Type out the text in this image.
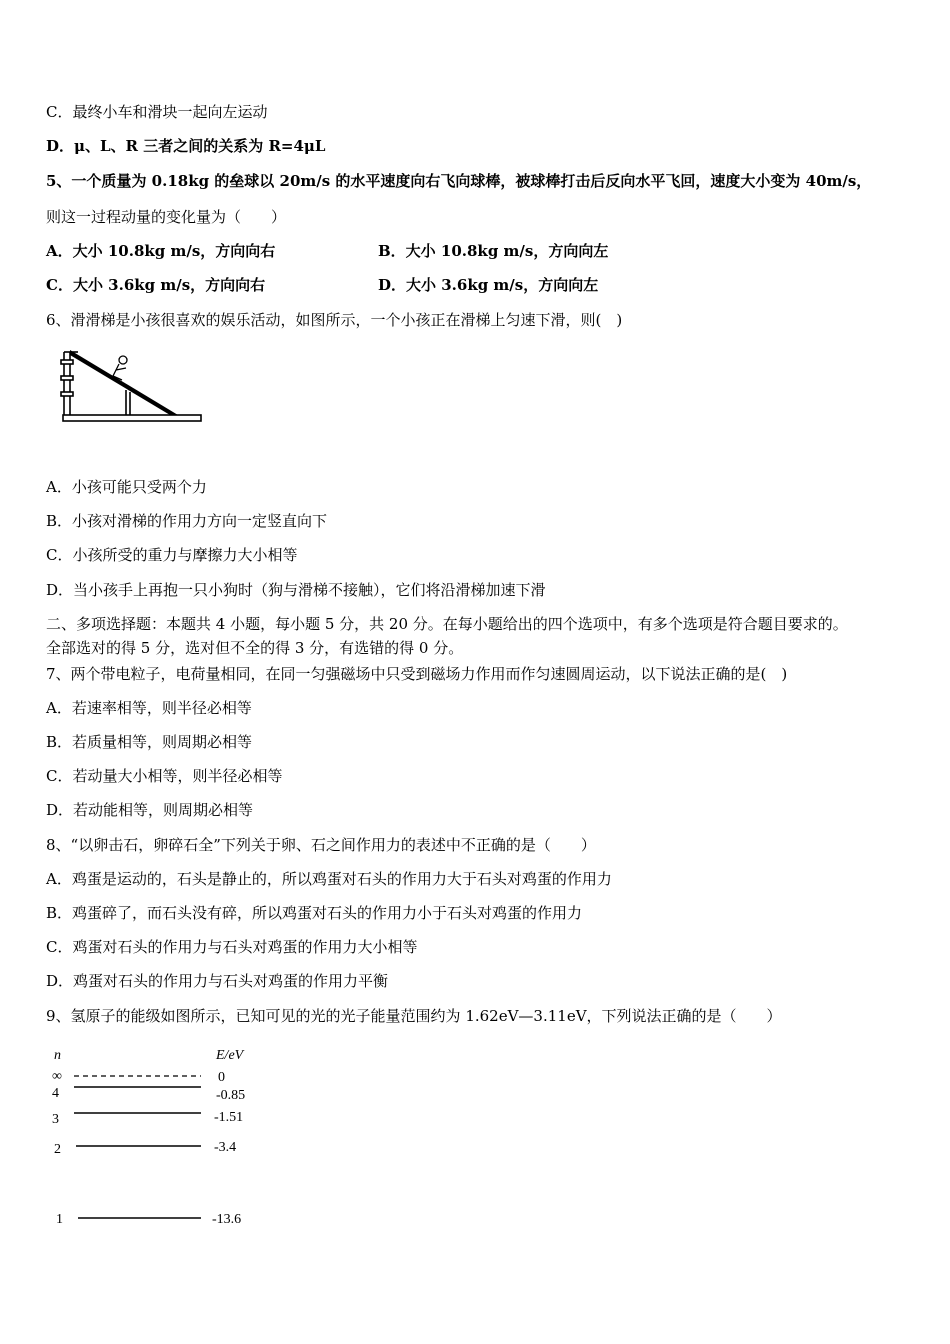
C．最终小车和滑块一起向左运动
D．μ、L、R 三者之间的关系为 R=4μL
5、一个质量为 0.18kg 的垒球以 20m/s 的水平速度向右飞向球棒，被球棒打击后反向水平飞回，速度大小变为 40m/s，
则这一过程动量的变化量为（　　）
A．大小 10.8kg m/s，方向向右	B．大小 10.8kg m/s，方向向左
C．大小 3.6kg m/s，方向向右	D．大小 3.6kg m/s，方向向左
6、滑滑梯是小孩很喜欢的娱乐活动，如图所示，一个小孩正在滑梯上匀速下滑，则(　)
A．小孩可能只受两个力
B．小孩对滑梯的作用力方向一定竖直向下
C．小孩所受的重力与摩擦力大小相等
D．当小孩手上再抱一只小狗时（狗与滑梯不接触），它们将沿滑梯加速下滑
二、多项选择题：本题共 4 小题，每小题 5 分，共 20 分。在每小题给出的四个选项中，有多个选项是符合题目要求的。
全部选对的得 5 分，选对但不全的得 3 分，有选错的得 0 分。
7、两个带电粒子，电荷量相同，在同一匀强磁场中只受到磁场力作用而作匀速圆周运动，以下说法正确的是(　)
A．若速率相等，则半径必相等
B．若质量相等，则周期必相等
C．若动量大小相等，则半径必相等
D．若动能相等，则周期必相等
8、“以卵击石，卵碎石全”下列关于卵、石之间作用力的表述中不正确的是（　　）
A．鸡蛋是运动的，石头是静止的，所以鸡蛋对石头的作用力大于石头对鸡蛋的作用力
B．鸡蛋碎了，而石头没有碎，所以鸡蛋对石头的作用力小于石头对鸡蛋的作用力
C．鸡蛋对石头的作用力与石头对鸡蛋的作用力大小相等
D．鸡蛋对石头的作用力与石头对鸡蛋的作用力平衡
9、氢原子的能级如图所示，已知可见的光的光子能量范围约为 1.62eV—3.11eV，下列说法正确的是（　　）
n	E/eV
∞	0
4	-0.85
3	-1.51
2	-3.4
1	-13.6
